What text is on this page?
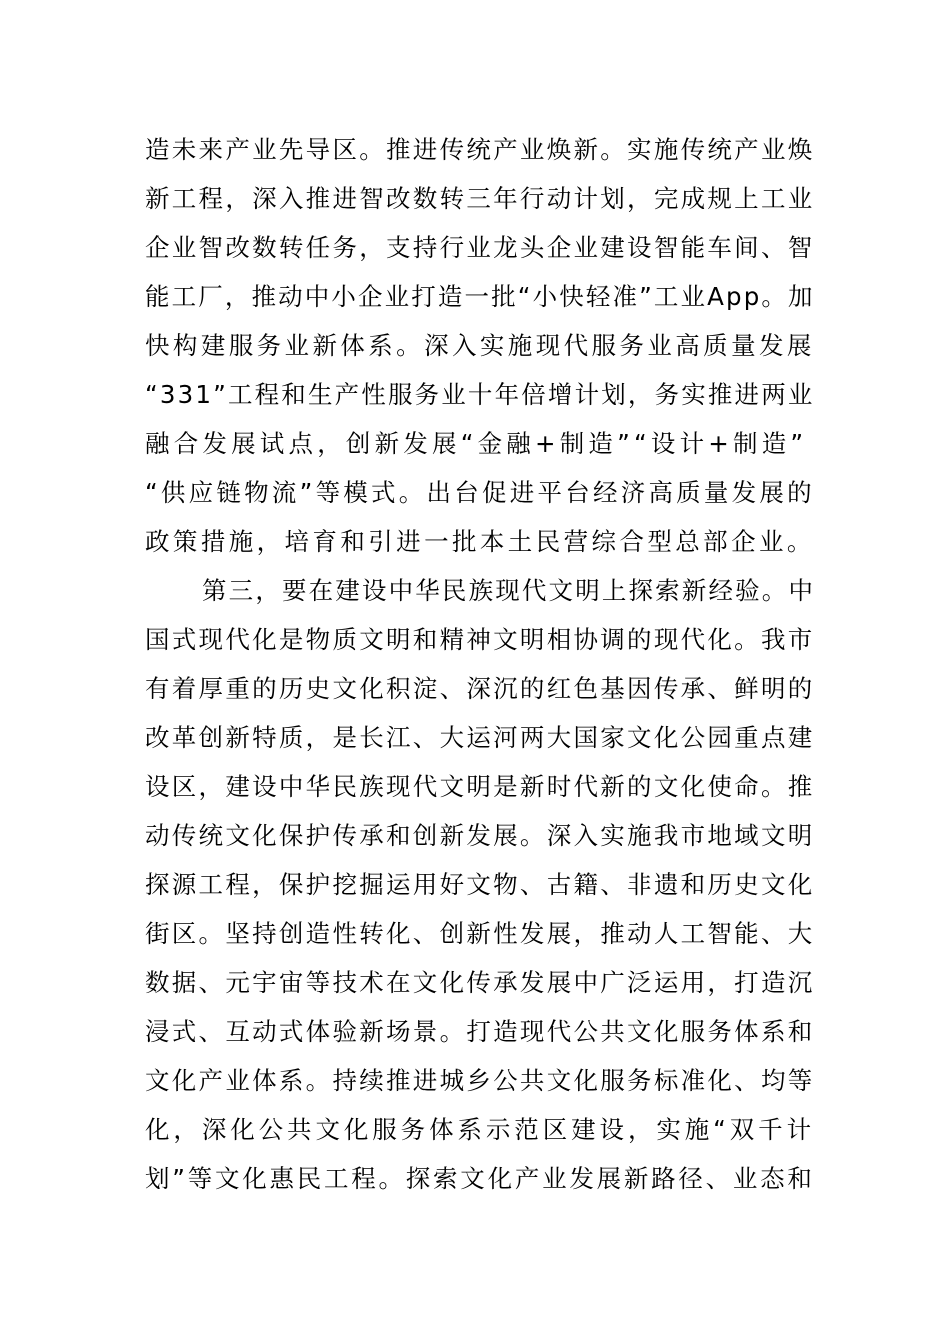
造未来产业先导区。推进传统产业焕新。实施传统产业焕
新工程，深入推进智改数转三年行动计划，完成规上工业
企业智改数转任务，支持行业龙头企业建设智能车间、智
能工厂，推动中小企业打造一批“小快轻准”工业App。加
快构建服务业新体系。深入实施现代服务业高质量发展
“331”工程和生产性服务业十年倍增计划，务实推进两业
融合发展试点，创新发展“金融+制造”“设计+制造”
“供应链物流”等模式。出台促进平台经济高质量发展的
政策措施，培育和引进一批本土民营综合型总部企业。
第三，要在建设中华民族现代文明上探索新经验。中
国式现代化是物质文明和精神文明相协调的现代化。我市
有着厚重的历史文化积淀、深沉的红色基因传承、鲜明的
改革创新特质，是长江、大运河两大国家文化公园重点建
设区，建设中华民族现代文明是新时代新的文化使命。推
动传统文化保护传承和创新发展。深入实施我市地域文明
探源工程，保护挖掘运用好文物、古籍、非遗和历史文化
街区。坚持创造性转化、创新性发展，推动人工智能、大
数据、元宇宙等技术在文化传承发展中广泛运用，打造沉
浸式、互动式体验新场景。打造现代公共文化服务体系和
文化产业体系。持续推进城乡公共文化服务标准化、均等
化，深化公共文化服务体系示范区建设，实施“双千计
划”等文化惠民工程。探索文化产业发展新路径、业态和
